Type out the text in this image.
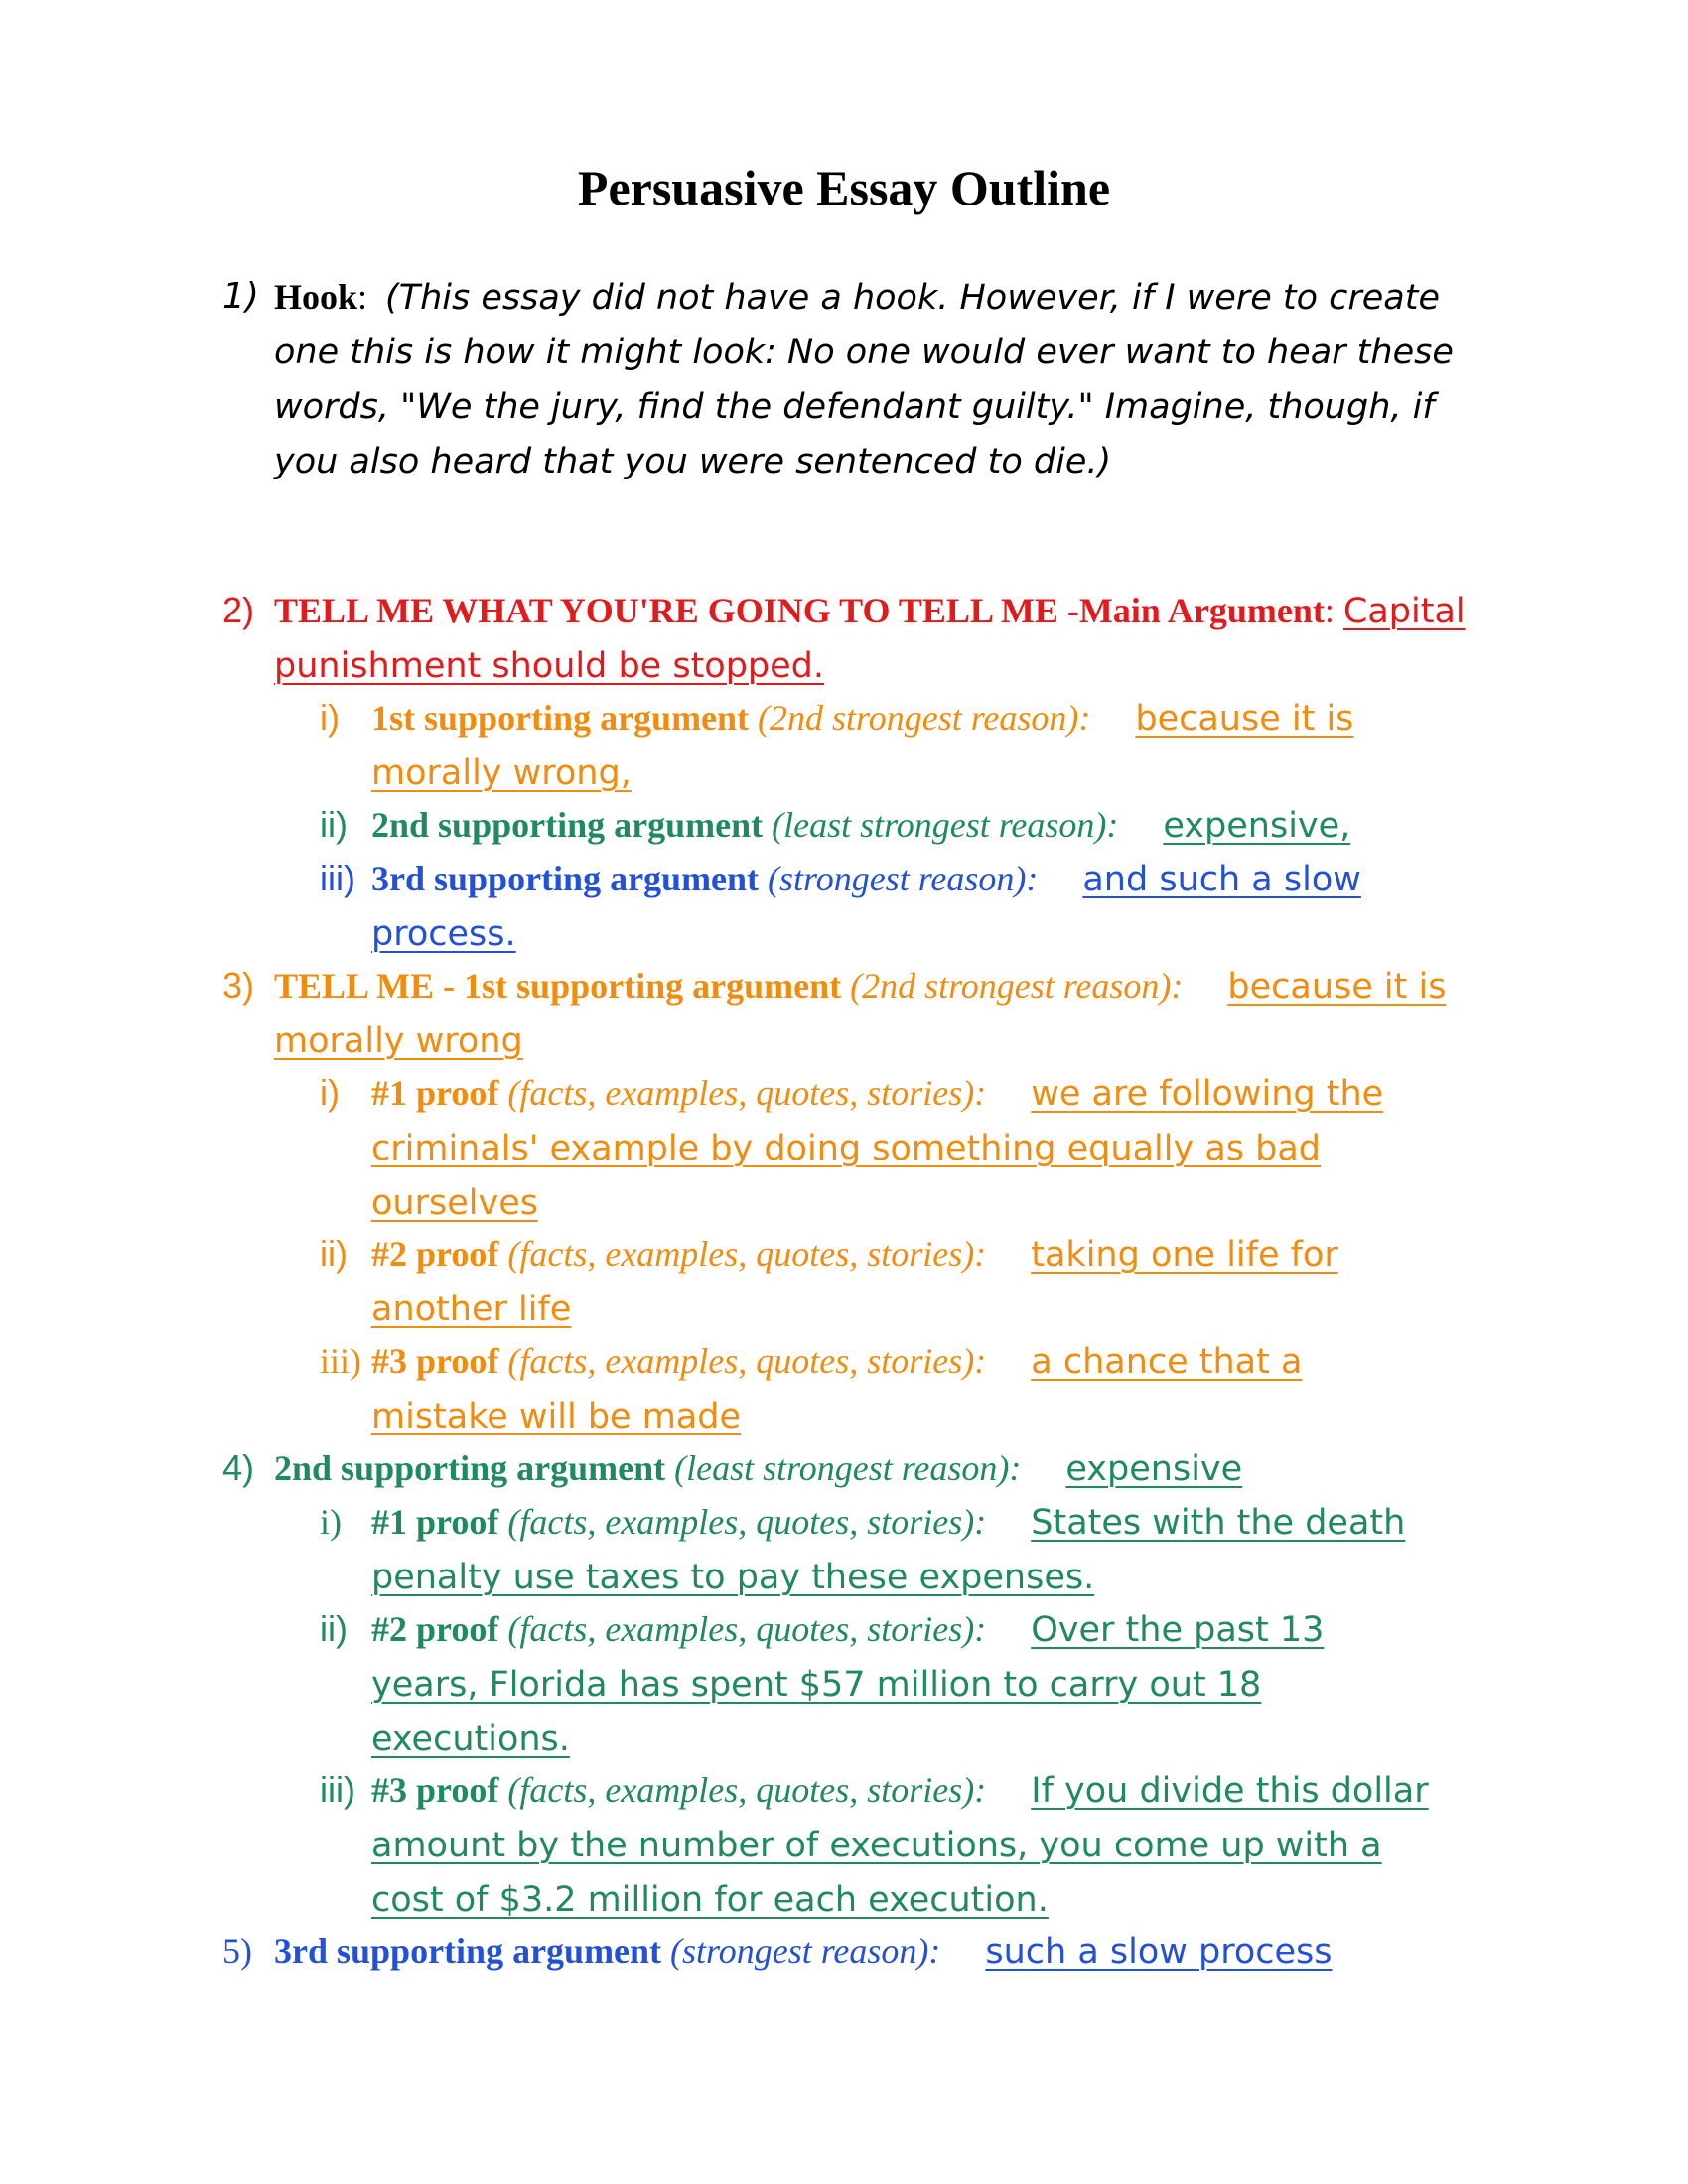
Persuasive Essay Outline
1) Hook: (This essay did not have a hook. However, if I were to create one this is how it might look: No one would ever want to hear these words, "We the jury, find the defendant guilty." Imagine, though, if you also heard that you were sentenced to die.)
2) TELL ME WHAT YOU'RE GOING TO TELL ME -Main Argument: Capital punishment should be stopped.
i) 1st supporting argument (2nd strongest reason): because it is morally wrong,
ii) 2nd supporting argument (least strongest reason): expensive,
iii) 3rd supporting argument (strongest reason): and such a slow process.
3) TELL ME - 1st supporting argument (2nd strongest reason): because it is morally wrong
i) #1 proof (facts, examples, quotes, stories): we are following the criminals' example by doing something equally as bad ourselves
ii) #2 proof (facts, examples, quotes, stories): taking one life for another life
iii) #3 proof (facts, examples, quotes, stories): a chance that a mistake will be made
4) 2nd supporting argument (least strongest reason): expensive
i) #1 proof (facts, examples, quotes, stories): States with the death penalty use taxes to pay these expenses.
ii) #2 proof (facts, examples, quotes, stories): Over the past 13 years, Florida has spent $57 million to carry out 18 executions.
iii) #3 proof (facts, examples, quotes, stories): If you divide this dollar amount by the number of executions, you come up with a cost of $3.2 million for each execution.
5) 3rd supporting argument (strongest reason): such a slow process
